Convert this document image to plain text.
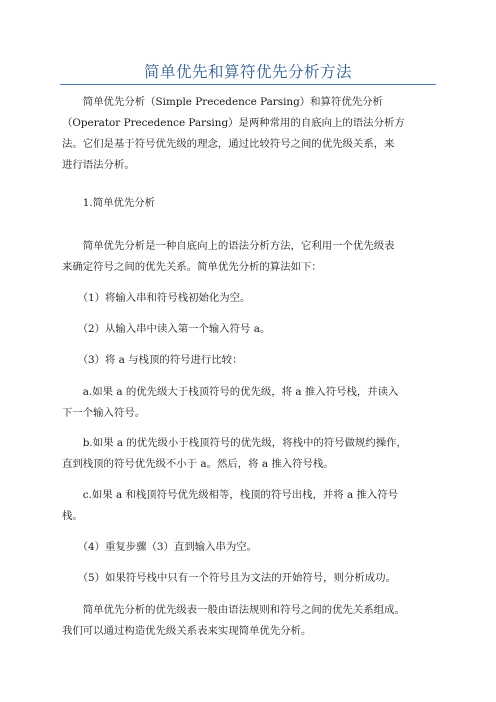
简单优先和算符优先分析方法
　　简单优先分析（Simple Precedence Parsing）和算符优先分析
（Operator Precedence Parsing）是两种常用的自底向上的语法分析方
法。它们是基于符号优先级的理念，通过比较符号之间的优先级关系，来
进行语法分析。
　　1.简单优先分析
　　简单优先分析是一种自底向上的语法分析方法，它利用一个优先级表
来确定符号之间的优先关系。简单优先分析的算法如下：
　　（1）将输入串和符号栈初始化为空。
　　（2）从输入串中读入第一个输入符号 a。
　　（3）将 a 与栈顶的符号进行比较：
　　a.如果 a 的优先级大于栈顶符号的优先级，将 a 推入符号栈，并读入
下一个输入符号。
　　b.如果 a 的优先级小于栈顶符号的优先级，将栈中的符号做规约操作，
直到栈顶的符号优先级不小于 a。然后，将 a 推入符号栈。
　　c.如果 a 和栈顶符号优先级相等，栈顶的符号出栈，并将 a 推入符号
栈。
　　（4）重复步骤（3）直到输入串为空。
　　（5）如果符号栈中只有一个符号且为文法的开始符号，则分析成功。
　　简单优先分析的优先级表一般由语法规则和符号之间的优先关系组成。
我们可以通过构造优先级关系表来实现简单优先分析。
